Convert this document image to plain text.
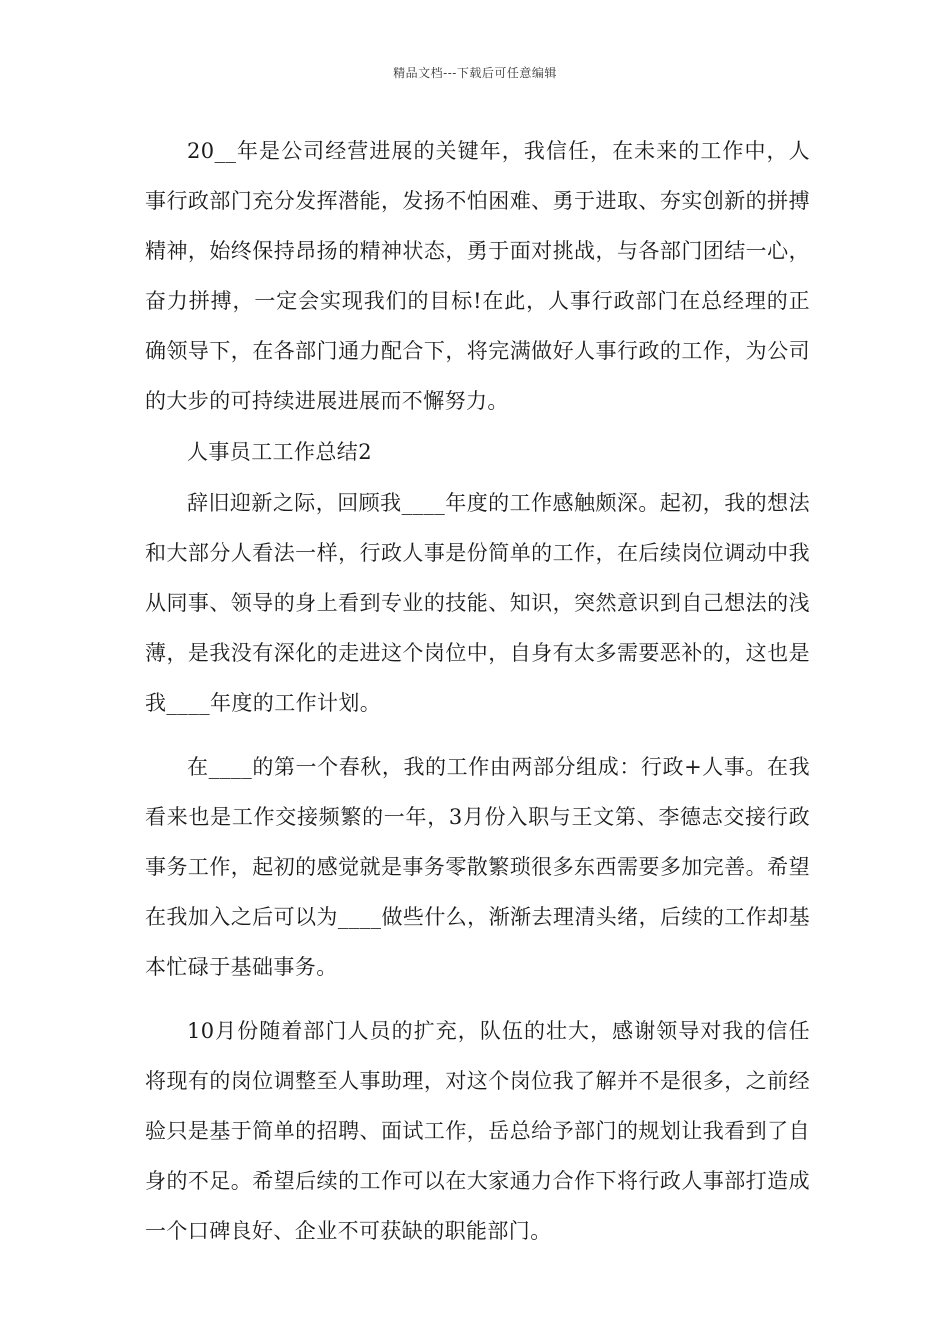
精品文档---下载后可任意编辑

20__年是公司经营进展的关键年，我信任，在未来的工作中，人事行政部门充分发挥潜能，发扬不怕困难、勇于进取、夯实创新的拼搏精神，始终保持昂扬的精神状态，勇于面对挑战，与各部门团结一心，奋力拼搏，一定会实现我们的目标!在此，人事行政部门在总经理的正确领导下，在各部门通力配合下，将完满做好人事行政的工作，为公司的大步的可持续进展进展而不懈努力。

人事员工工作总结2

辞旧迎新之际，回顾我____年度的工作感触颇深。起初，我的想法和大部分人看法一样，行政人事是份简单的工作，在后续岗位调动中我从同事、领导的身上看到专业的技能、知识，突然意识到自己想法的浅薄，是我没有深化的走进这个岗位中，自身有太多需要恶补的，这也是我____年度的工作计划。

在____的第一个春秋，我的工作由两部分组成：行政+人事。在我看来也是工作交接频繁的一年，3月份入职与王文第、李德志交接行政事务工作，起初的感觉就是事务零散繁琐很多东西需要多加完善。希望在我加入之后可以为____做些什么，渐渐去理清头绪，后续的工作却基本忙碌于基础事务。

10月份随着部门人员的扩充，队伍的壮大，感谢领导对我的信任将现有的岗位调整至人事助理，对这个岗位我了解并不是很多，之前经验只是基于简单的招聘、面试工作，岳总给予部门的规划让我看到了自身的不足。希望后续的工作可以在大家通力合作下将行政人事部打造成一个口碑良好、企业不可获缺的职能部门。
